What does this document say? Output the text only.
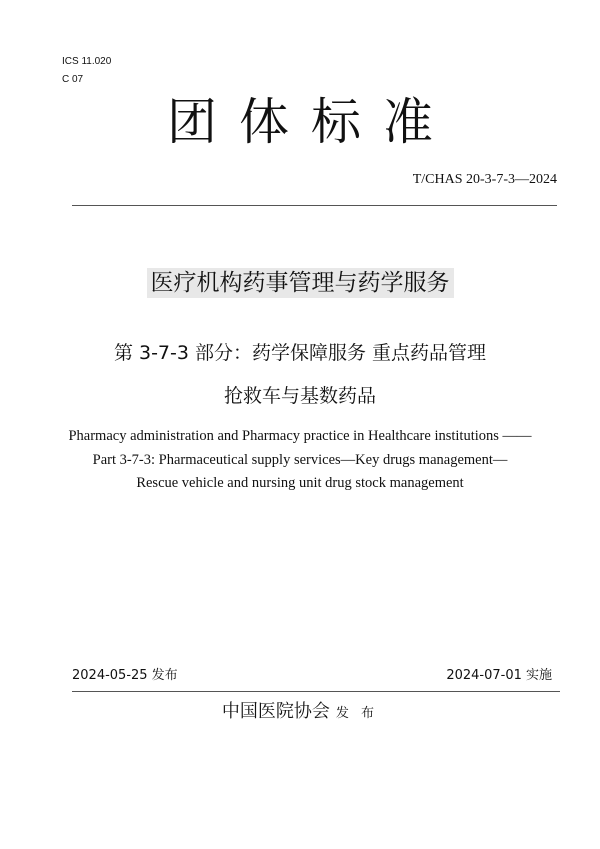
ICS 11.020
C 07
团体标准
T/CHAS 20-3-7-3—2024
医疗机构药事管理与药学服务
第 3-7-3 部分：药学保障服务 重点药品管理
抢救车与基数药品
Pharmacy administration and Pharmacy practice in Healthcare institutions ——
Part 3-7-3: Pharmaceutical supply services—Key drugs management—
Rescue vehicle and nursing unit drug stock management
2024-05-25 发布	2024-07-01 实施
中国医院协会 发 布
